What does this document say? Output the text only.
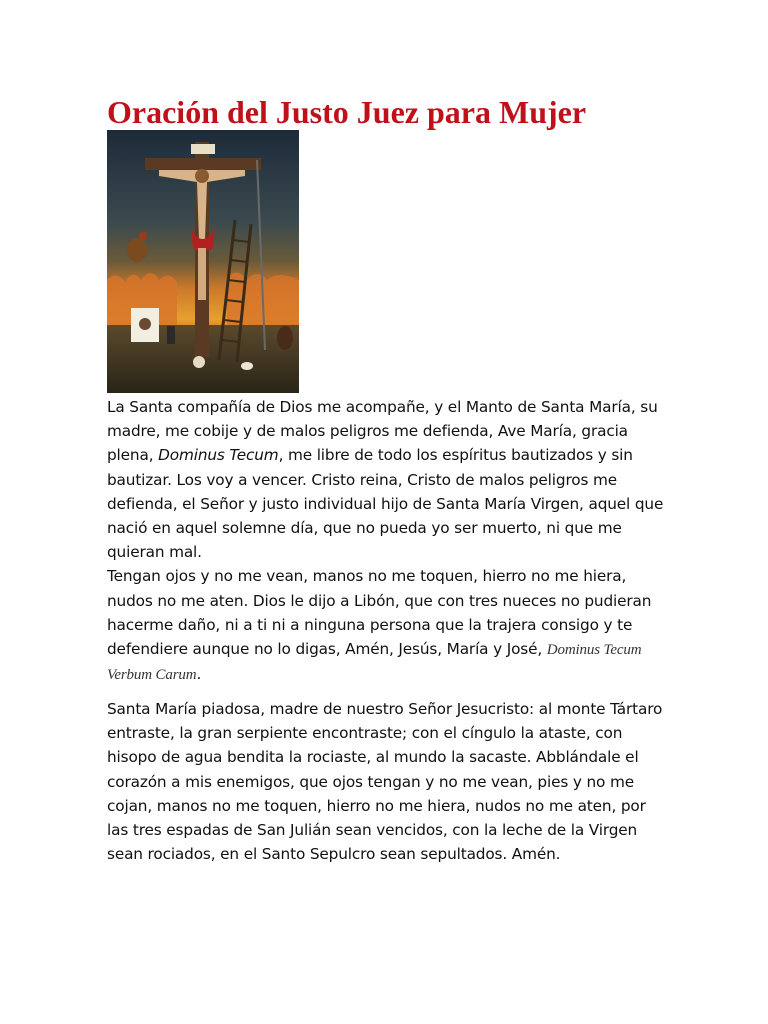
Oración del Justo Juez para Mujer

La Santa compañía de Dios me acompañe, y el Manto de Santa María, su madre, me cobije y de malos peligros me defienda, Ave María, gracia plena, Dominus Tecum, me libre de todo los espíritus bautizados y sin bautizar. Los voy a vencer. Cristo reina, Cristo de malos peligros me defienda, el Señor y justo individual hijo de Santa María Virgen, aquel que nació en aquel solemne día, que no pueda yo ser muerto, ni que me quieran mal.
Tengan ojos y no me vean, manos no me toquen, hierro no me hiera, nudos no me aten. Dios le dijo a Libón, que con tres nueces no pudieran hacerme daño, ni a ti ni a ninguna persona que la trajera consigo y te defendiere aunque no lo digas, Amén, Jesús, María y José, Dominus Tecum Verbum Carum.

Santa María piadosa, madre de nuestro Señor Jesucristo: al monte Tártaro entraste, la gran serpiente encontraste; con el cíngulo la ataste, con hisopo de agua bendita la rociaste, al mundo la sacaste. Abblándale el corazón a mis enemigos, que ojos tengan y no me vean, pies y no me cojan, manos no me toquen, hierro no me hiera, nudos no me aten, por las tres espadas de San Julián sean vencidos, con la leche de la Virgen sean rociados, en el Santo Sepulcro sean sepultados. Amén.
